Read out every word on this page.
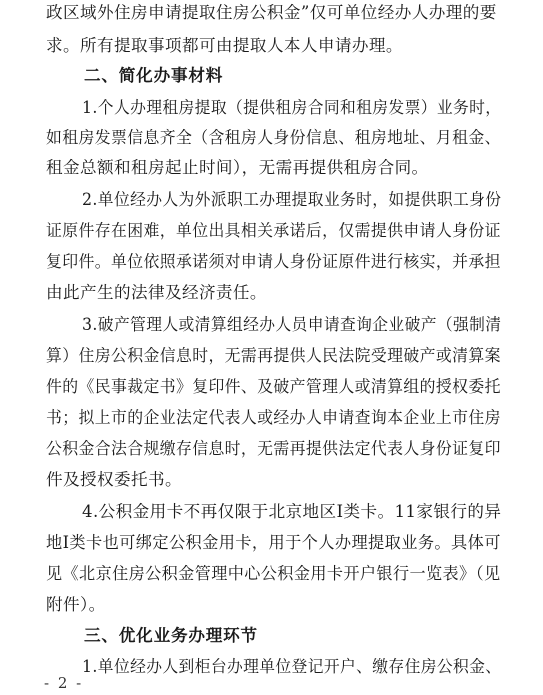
政区域外住房申请提取住房公积金”仅可单位经办人办理的要
求。所有提取事项都可由提取人本人申请办理。
二、简化办事材料
1.个人办理租房提取（提供租房合同和租房发票）业务时，
如租房发票信息齐全（含租房人身份信息、租房地址、月租金、
租金总额和租房起止时间），无需再提供租房合同。
2.单位经办人为外派职工办理提取业务时，如提供职工身份
证原件存在困难，单位出具相关承诺后，仅需提供申请人身份证
复印件。单位依照承诺须对申请人身份证原件进行核实，并承担
由此产生的法律及经济责任。
3.破产管理人或清算组经办人员申请查询企业破产（强制清
算）住房公积金信息时，无需再提供人民法院受理破产或清算案
件的《民事裁定书》复印件、及破产管理人或清算组的授权委托
书；拟上市的企业法定代表人或经办人申请查询本企业上市住房
公积金合法合规缴存信息时，无需再提供法定代表人身份证复印
件及授权委托书。
4.公积金用卡不再仅限于北京地区Ⅰ类卡。11家银行的异
地Ⅰ类卡也可绑定公积金用卡，用于个人办理提取业务。具体可
见《北京住房公积金管理中心公积金用卡开户银行一览表》（见
附件）。
三、优化业务办理环节
1.单位经办人到柜台办理单位登记开户、缴存住房公积金、
- 2 -
